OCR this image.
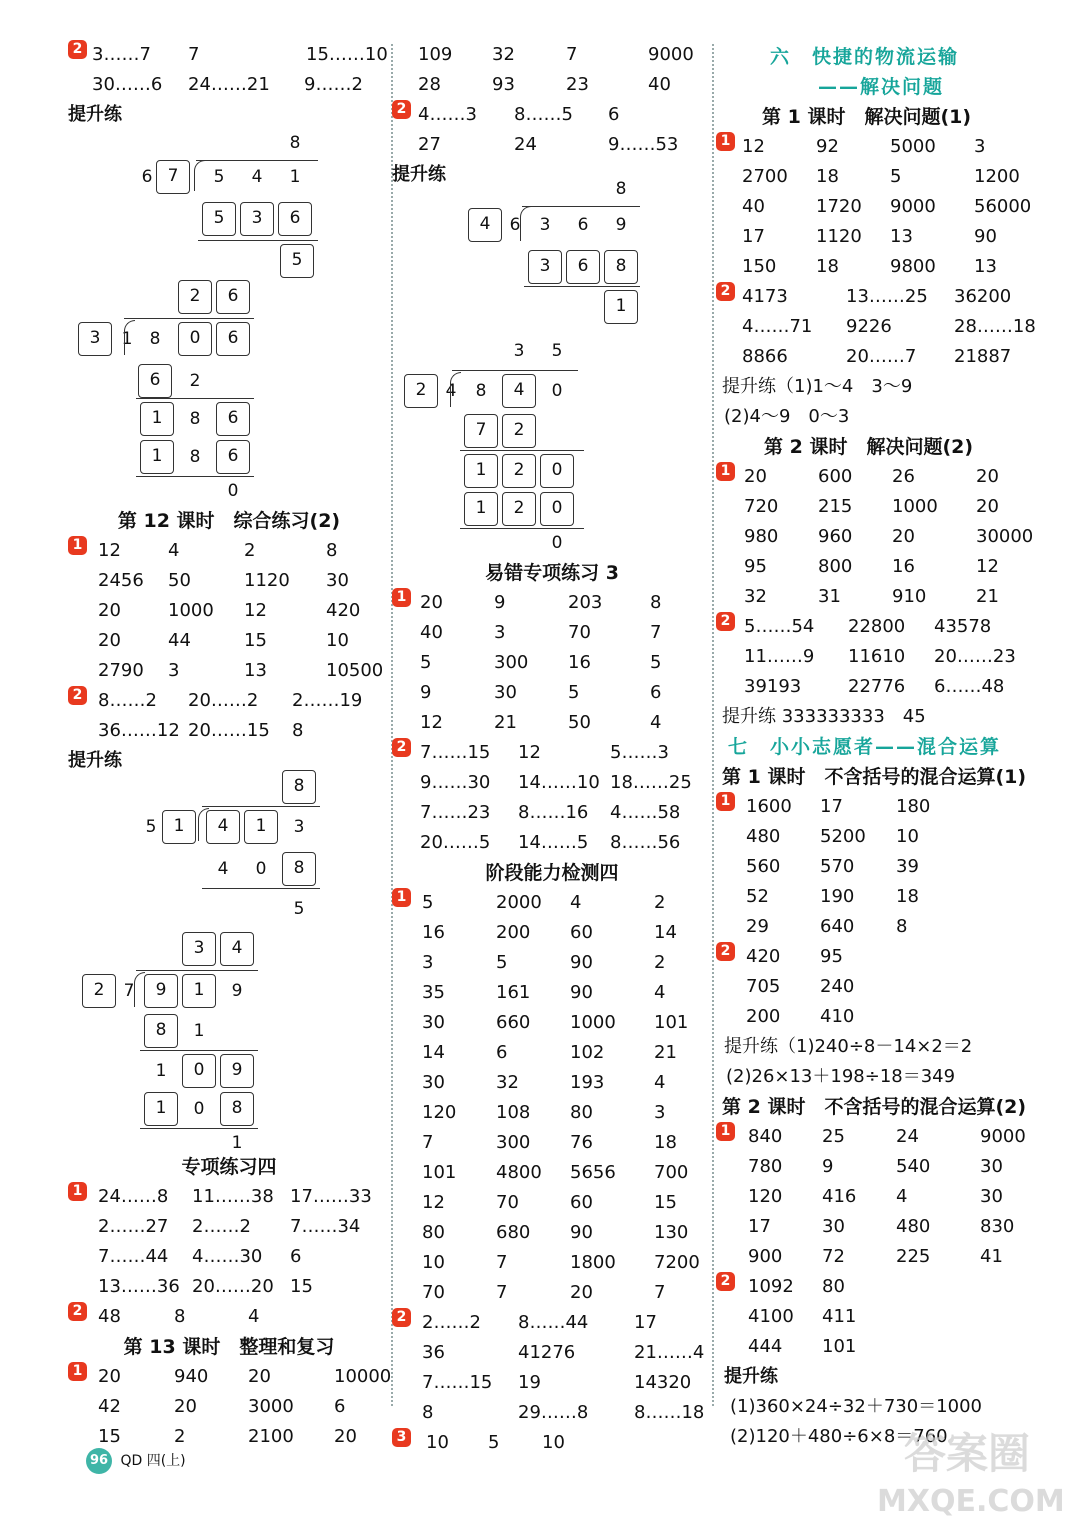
2 3……7 7	15……10
30……6 24……21 9……2
提升练
8
6 7	5	4	1
5	3	6
5
2	6
3	1	8	0	6
6	2
1	8	6
1	8	6
0
第 12 课时　综合练习(2)
1 12	4	2	8
2456 50	1120 30
20	1000 12	420
20	44	15	10
2790 3	13	10500
2 8……2 20……2 2……19
36……12 20……15 8
提升练
8
5	1	4	1	3
4	0	8
5
3	4
2	7	9	1	9
8	1
1	0	9
1	0	8
1
专项练习四
1 24……8 11……38 17……33
2……27 2……2 7……34
7……44 4……30 6
13……36 20……20 15
2 48	8	4
第 13 课时　整理和复习
1 20	940 20	10000
42	20	3000 6
15	2	2100 20
109 32	7	9000
28	93	23	40
2 4……3 8……5 6
27	24	9……53
提升练
8
4	6	3	6	9
3	6	8
1
3	5
2	4	8	4	0
7	2
1	2	0
1	2	0
0
易错专项练习 3
1 20	9	203	8
40	3	70	7
5	300 16	5
9	30	5	6
12	21	50	4
2 7……15 12	5……3
9……30 14……10 18……25
7……23 8……16 4……58
20……5 14……5 8……56
阶段能力检测四
1 5	2000 4	2
16	200 60	14
3	5	90	2
35	161 90	4
30	660 1000 101
14	6	102	21
30	32	193	4
120 108 80	3
7	300 76	18
101 4800 5656 700
12	70	60	15
80	680 90	130
10	7	1800 7200
70	7	20	7
2 2……2 8……44	17
36	41276	21……4
7……15 19	14320
8	29……8	8……18
3 10 5 10
六　快捷的物流运输
——解决问题
第 1 课时　解决问题(1)
1 12	92	5000 3
2700 18	5	1200
40	1720 9000 56000
17	1120 13	90
150 18	9800 13
2 4173	13……25 36200
4……71 9226	28……18
8866	20……7 21887
提升练（1)1～4　3～9
(2)4～9　0～3
第 2 课时　解决问题(2)
1 20	600 26	20
720 215 1000 20
980 960 20	30000
95	800 16	12
32	31	910	21
2 5……54 22800 43578
11……9 11610 20……23
39193	22776 6……48
提升练 333333333　45
七　小小志愿者——混合运算
第 1 课时　不含括号的混合运算(1)
1 1600 17	180
480 5200 10
560 570 39
52	190 18
29	640 8
2 420 95
705 240
200 410
提升练（1)240÷8－14×2＝2
(2)26×13＋198÷18＝349
第 2 课时　不含括号的混合运算(2)
1 840 25	24	9000
780 9	540	30
120 416 4	30
17	30	480	830
900 72	225	41
2 1092 80
4100 411
444 101
提升练
(1)360×24÷32＋730＝1000
(2)120＋480÷6×8＝760
96 QD 四(上)	答案圈
MXQE.COM
